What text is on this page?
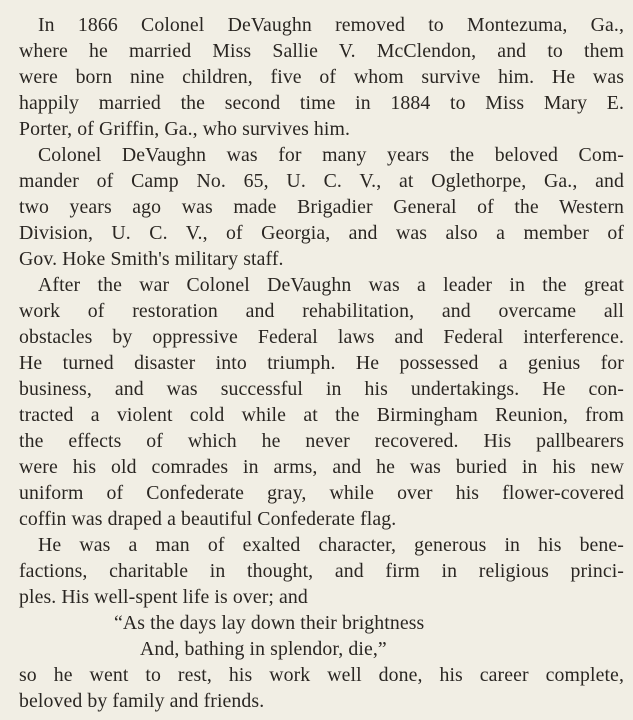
In 1866 Colonel DeVaughn removed to Montezuma, Ga.,
where he married Miss Sallie V. McClendon, and to them
were born nine children, five of whom survive him. He was
happily married the second time in 1884 to Miss Mary E.
Porter, of Griffin, Ga., who survives him.
Colonel DeVaughn was for many years the beloved Com-
mander of Camp No. 65, U. C. V., at Oglethorpe, Ga., and
two years ago was made Brigadier General of the Western
Division, U. C. V., of Georgia, and was also a member of
Gov. Hoke Smith's military staff.
After the war Colonel DeVaughn was a leader in the great
work of restoration and rehabilitation, and overcame all
obstacles by oppressive Federal laws and Federal interference.
He turned disaster into triumph. He possessed a genius for
business, and was successful in his undertakings. He con-
tracted a violent cold while at the Birmingham Reunion, from
the effects of which he never recovered. His pallbearers
were his old comrades in arms, and he was buried in his new
uniform of Confederate gray, while over his flower-covered
coffin was draped a beautiful Confederate flag.
He was a man of exalted character, generous in his bene-
factions, charitable in thought, and firm in religious princi-
ples. His well-spent life is over; and
“As the days lay down their brightness
And, bathing in splendor, die,”
so he went to rest, his work well done, his career complete,
beloved by family and friends.
